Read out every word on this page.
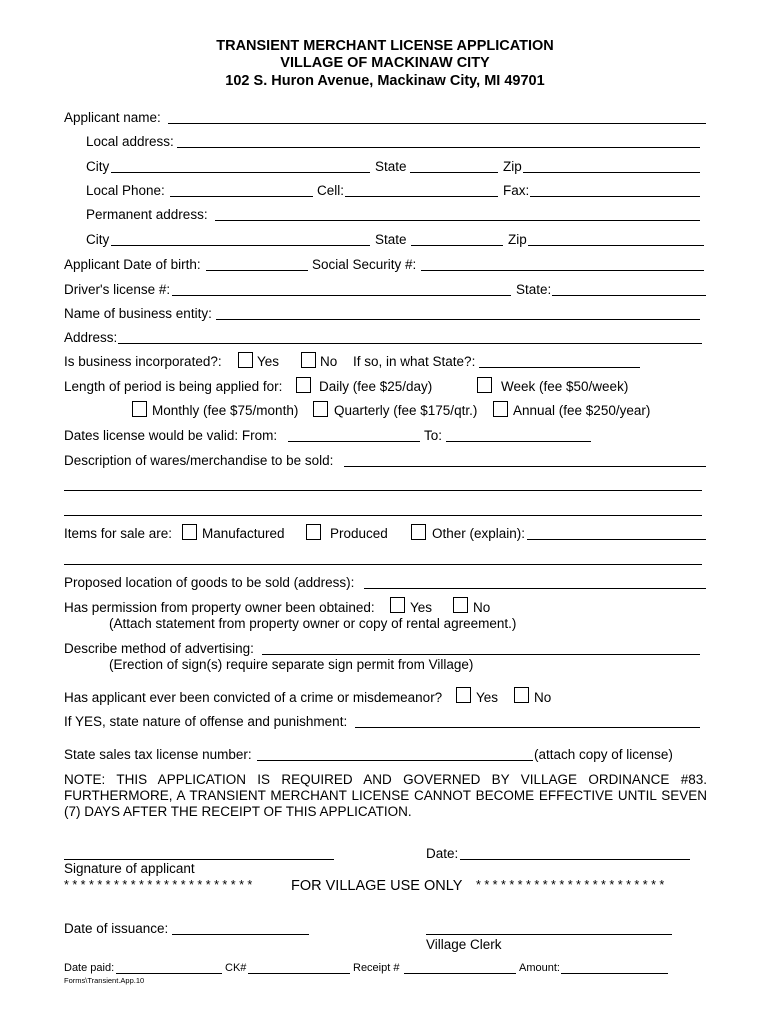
TRANSIENT MERCHANT LICENSE APPLICATION
VILLAGE OF MACKINAW CITY
102 S. Huron Avenue, Mackinaw City, MI 49701
Applicant name:
Local address:
City	State	Zip
Local Phone:	Cell:	Fax:
Permanent address:
City	State	Zip
Applicant Date of birth:	Social Security #:
Driver's license #:	State:
Name of business entity:
Address:
Is business incorporated?:	Yes	No If so, in what State?:
Length of period is being applied for:	Daily (fee $25/day)	Week (fee $50/week)
Monthly (fee $75/month)	Quarterly (fee $175/qtr.)	Annual (fee $250/year)
Dates license would be valid: From:	To:
Description of wares/merchandise to be sold:
Items for sale are: Manufactured	Produced	Other (explain):
Proposed location of goods to be sold (address):
Has permission from property owner been obtained:	Yes	No
(Attach statement from property owner or copy of rental agreement.)
Describe method of advertising:
(Erection of sign(s) require separate sign permit from Village)
Has applicant ever been convicted of a crime or misdemeanor?	Yes	No
If YES, state nature of offense and punishment:
State sales tax license number:	(attach copy of license)
NOTE: THIS APPLICATION IS REQUIRED AND GOVERNED BY VILLAGE ORDINANCE #83. FURTHERMORE, A TRANSIENT MERCHANT LICENSE CANNOT BECOME EFFECTIVE UNTIL SEVEN (7) DAYS AFTER THE RECEIPT OF THIS APPLICATION.
Date:
Signature of applicant
* * * * * * * * * * * * * * * * * * * * * * *	FOR VILLAGE USE ONLY * * * * * * * * * * * * * * * * * * * * * * *
Date of issuance:
Village Clerk
Date paid:	CK#	Receipt #	Amount:
Forms\Transient.App.10
